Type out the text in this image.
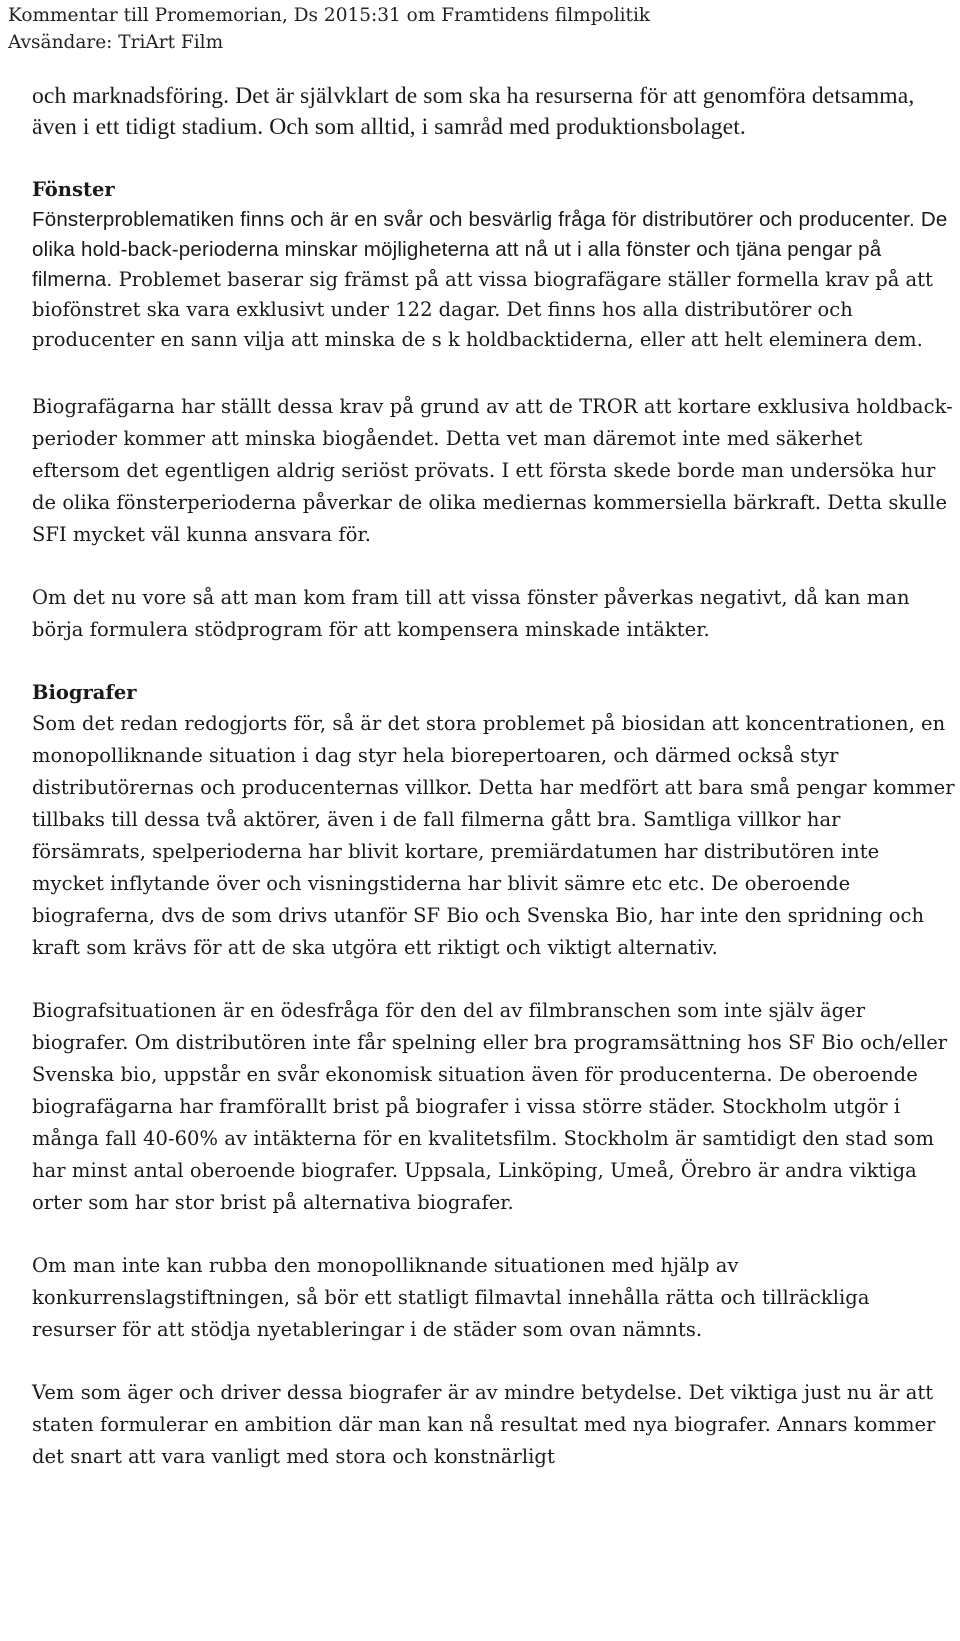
Kommentar till Promemorian, Ds 2015:31 om Framtidens filmpolitik
Avsändare: TriArt Film

och marknadsföring. Det är självklart de som ska ha resurserna för att genomföra detsamma, även i ett tidigt stadium. Och som alltid, i samråd med produktionsbolaget.

Fönster

Fönsterproblematiken finns och är en svår och besvärlig fråga för distributörer och producenter. De olika hold-back-perioderna minskar möjligheterna att nå ut i alla fönster och tjäna pengar på filmerna. Problemet baserar sig främst på att vissa biografägare ställer formella krav på att biofönstret ska vara exklusivt under 122 dagar. Det finns hos alla distributörer och producenter en sann vilja att minska de s k holdbacktiderna, eller att helt eleminera dem.

Biografägarna har ställt dessa krav på grund av att de TROR att kortare exklusiva holdback-perioder kommer att minska biogåendet. Detta vet man däremot inte med säkerhet eftersom det egentligen aldrig seriöst prövats. I ett första skede borde man undersöka hur de olika fönsterperioderna påverkar de olika mediernas kommersiella bärkraft. Detta skulle SFI mycket väl kunna ansvara för.

Om det nu vore så att man kom fram till att vissa fönster påverkas negativt, då kan man börja formulera stödprogram för att kompensera minskade intäkter.

Biografer

Som det redan redogjorts för, så är det stora problemet på biosidan att koncentrationen, en monopolliknande situation i dag styr hela biorepertoaren, och därmed också styr distributörernas och producenternas villkor. Detta har medfört att bara små pengar kommer tillbaks till dessa två aktörer, även i de fall filmerna gått bra. Samtliga villkor har försämrats, spelperioderna har blivit kortare, premiärdatumen har distributören inte mycket inflytande över och visningstiderna har blivit sämre etc etc. De oberoende biograferna, dvs de som drivs utanför SF Bio och Svenska Bio, har inte den spridning och kraft som krävs för att de ska utgöra ett riktigt och viktigt alternativ.

Biografsituationen är en ödesfråga för den del av filmbranschen som inte själv äger biografer. Om distributören inte får spelning eller bra programsättning hos SF Bio och/eller Svenska bio, uppstår en svår ekonomisk situation även för producenterna. De oberoende biografägarna har framförallt brist på biografer i vissa större städer. Stockholm utgör i många fall 40-60% av intäkterna för en kvalitetsfilm. Stockholm är samtidigt den stad som har minst antal oberoende biografer. Uppsala, Linköping, Umeå, Örebro är andra viktiga orter som har stor brist på alternativa biografer.

Om man inte kan rubba den monopolliknande situationen med hjälp av konkurrenslagstiftningen, så bör ett statligt filmavtal innehålla rätta och tillräckliga resurser för att stödja nyetableringar i de städer som ovan nämnts.

Vem som äger och driver dessa biografer är av mindre betydelse. Det viktiga just nu är att staten formulerar en ambition där man kan nå resultat med nya biografer. Annars kommer det snart att vara vanligt med stora och konstnärligt
